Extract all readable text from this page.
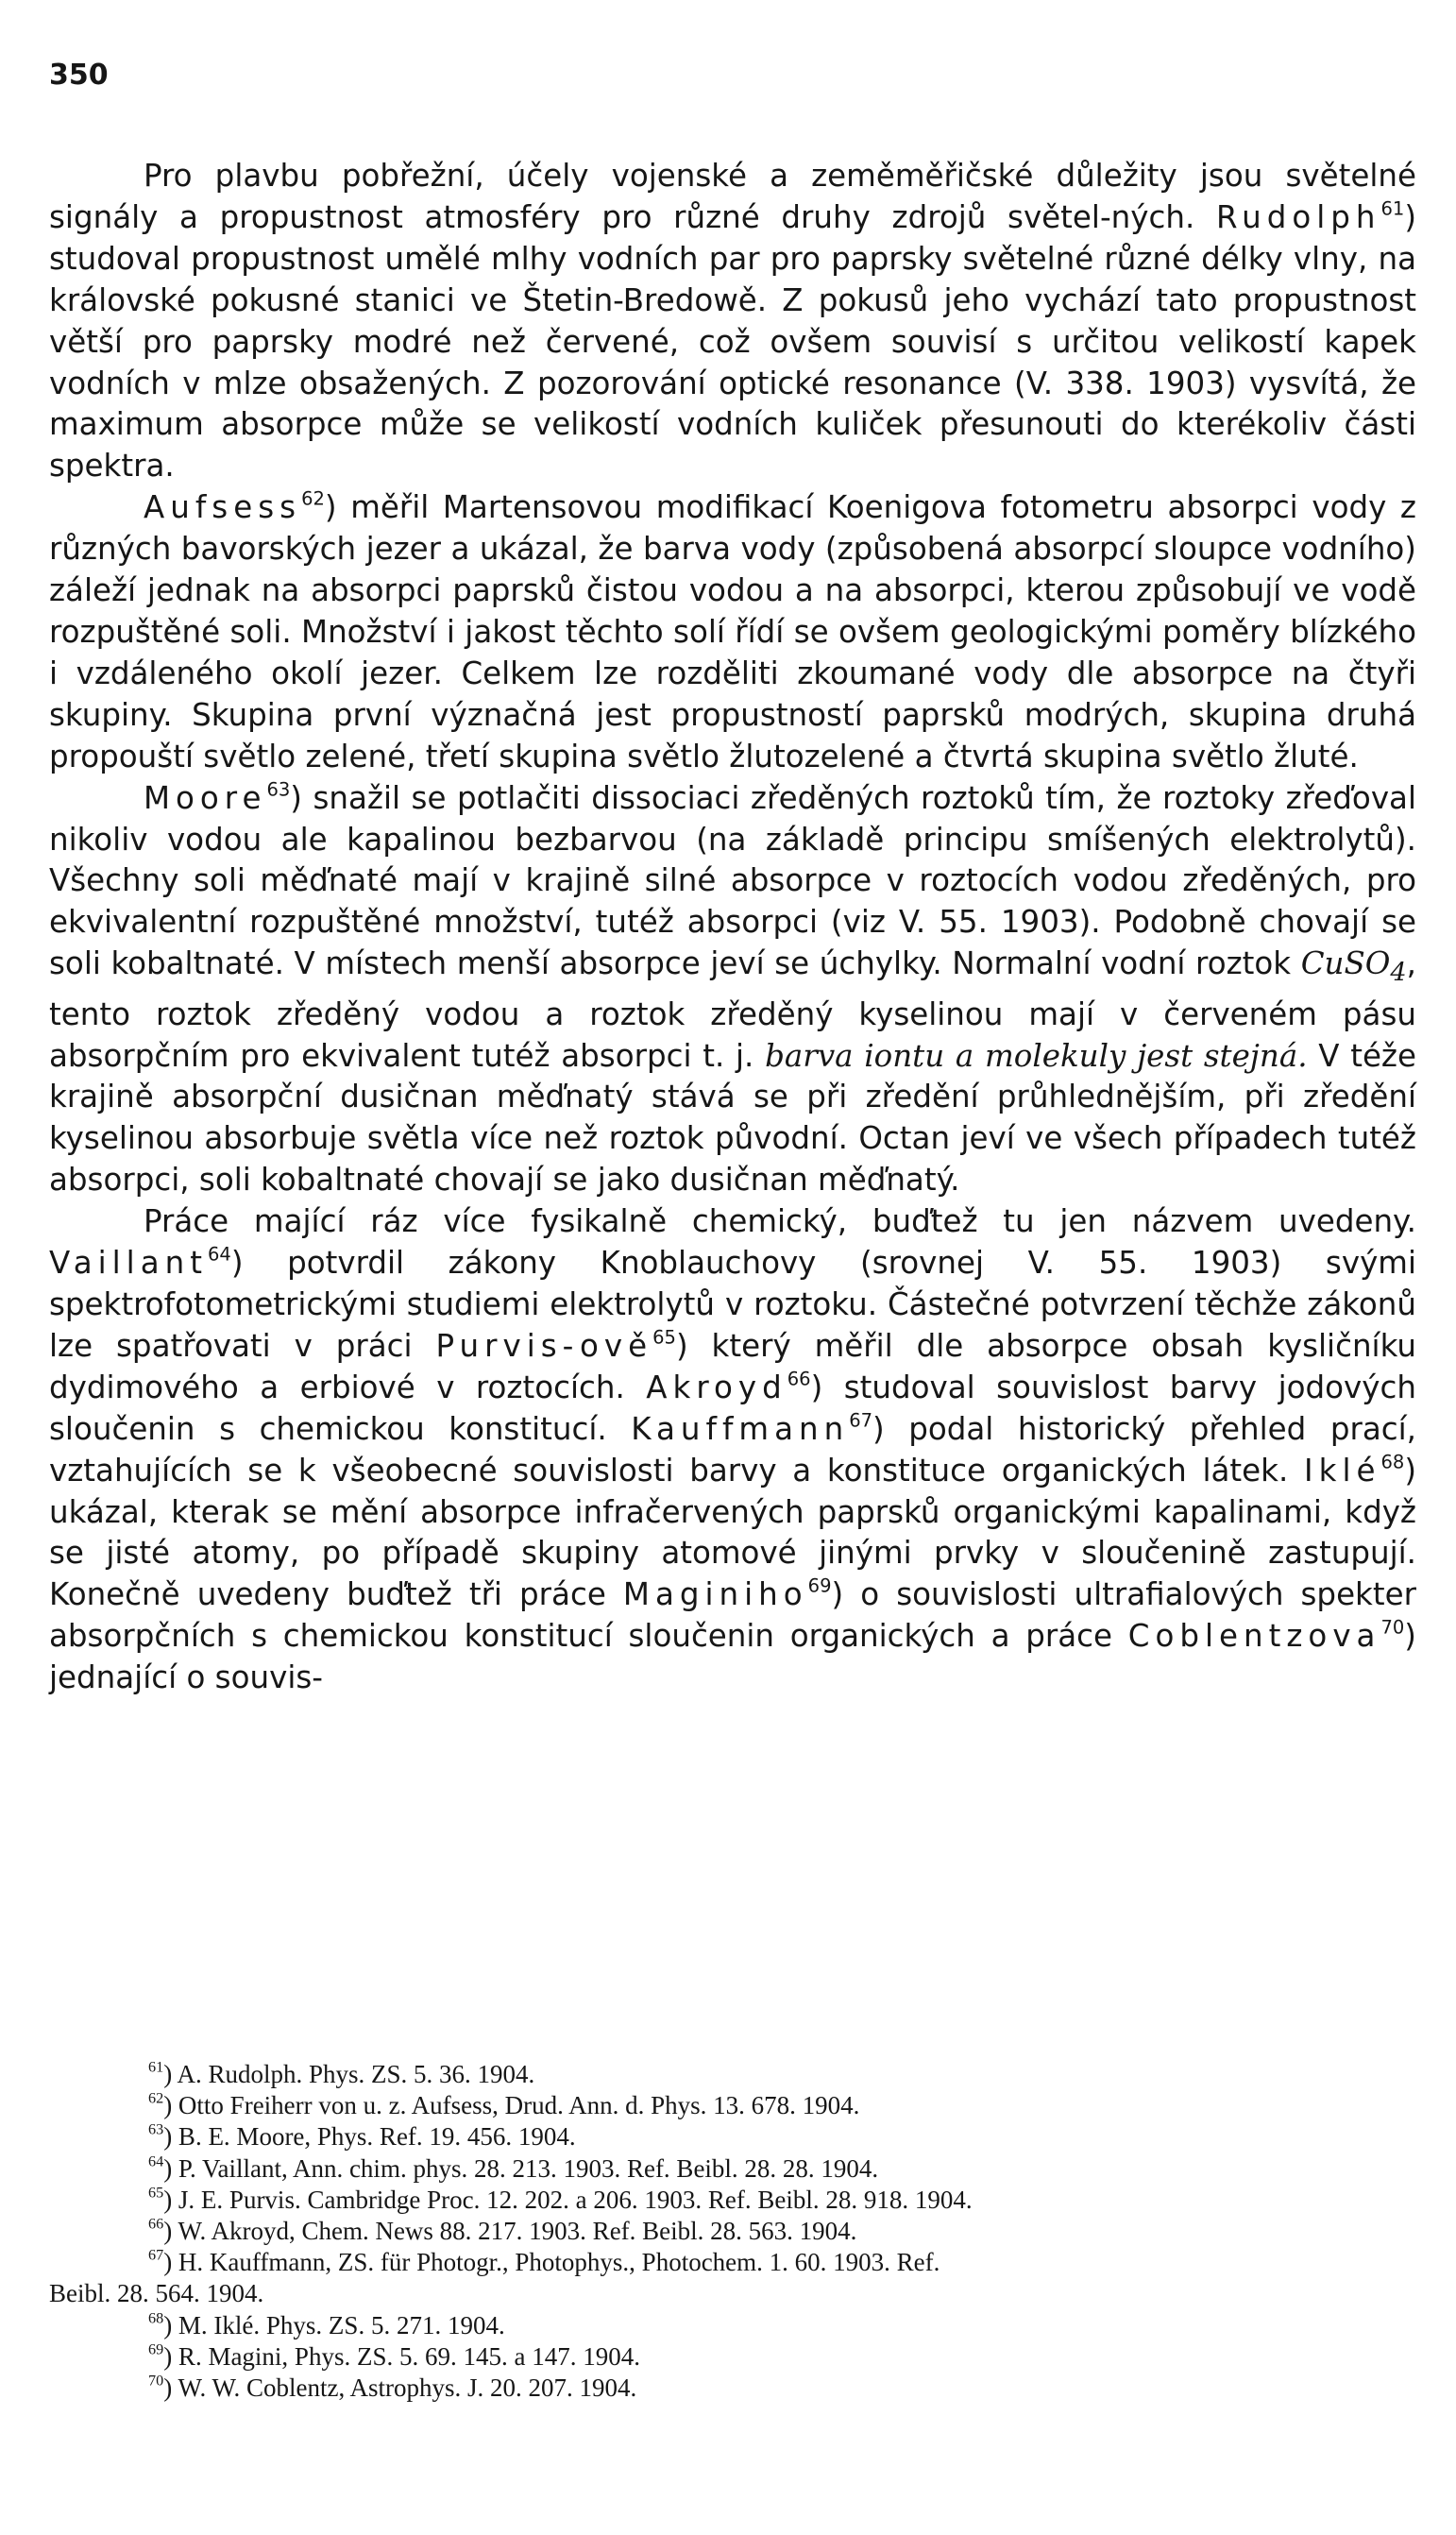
350

Pro plavbu pobřežní, účely vojenské a zeměměřičské důležity jsou světelné signály a propustnost atmosféry pro různé druhy zdrojů světel-ných. Rudolph$^{61}$) studoval propustnost umělé mlhy vodních par pro paprsky světelné různé délky vlny, na královské pokusné stanici ve Štetin-Bredowě. Z pokusů jeho vychází tato propustnost větší pro paprsky modré než červené, což ovšem souvisí s určitou velikostí kapek vodních v mlze obsažených. Z pozorování optické resonance (V. 338. 1903) vysvítá, že maximum absorpce může se velikostí vodních kuliček přesunouti do kterékoliv části spektra.

Aufsess$^{62}$) měřil Martensovou modifikací Koenigova fotometru absorpci vody z různých bavorských jezer a ukázal, že barva vody (způsobená absorpcí sloupce vodního) záleží jednak na absorpci paprsků čistou vodou a na absorpci, kterou způsobují ve vodě rozpuštěné soli. Množství i jakost těchto solí řídí se ovšem geologickými poměry blízkého i vzdáleného okolí jezer. Celkem lze rozděliti zkoumané vody dle absorpce na čtyři skupiny. Skupina první význačná jest propustností paprsků modrých, skupina druhá propouští světlo zelené, třetí skupina světlo žlutozelené a čtvrtá skupina světlo žluté.

Moore$^{63}$) snažil se potlačiti dissociaci zředěných roztoků tím, že roztoky zřeďoval nikoliv vodou ale kapalinou bezbarvou (na základě principu smíšených elektrolytů). Všechny soli měďnaté mají v krajině silné absorpce v roztocích vodou zředěných, pro ekvivalentní rozpuštěné množství, tutéž absorpci (viz V. 55. 1903). Podobně chovají se soli kobaltnaté. V místech menší absorpce jeví se úchylky. Normalní vodní roztok CuSO$_4$, tento roztok zředěný vodou a roztok zředěný kyselinou mají v červeném pásu absorpčním pro ekvivalent tutéž absorpci t. j. barva iontu a molekuly jest stejná. V téže krajině absorpční dusičnan měďnatý stává se při zředění průhlednějším, při zředění kyselinou absorbuje světla více než roztok původní. Octan jeví ve všech případech tutéž absorpci, soli kobaltnaté chovají se jako dusičnan měďnatý.

Práce mající ráz více fysikalně chemický, buďtež tu jen názvem uvedeny. Vaillant$^{64}$) potvrdil zákony Knoblauchovy (srovnej V. 55. 1903) svými spektrofotometrickými studiemi elektrolytů v roztoku. Částečné potvrzení těchže zákonů lze spatřovati v práci Purvis-ově$^{65}$) který měřil dle absorpce obsah kysličníku dydimového a erbiové v roztocích. Akroyd$^{66}$) studoval souvislost barvy jodových sloučenin s chemickou konstitucí. Kauffmann$^{67}$) podal historický přehled prací, vztahujících se k všeobecné souvislosti barvy a konstituce organických látek. Iklé$^{68}$) ukázal, kterak se mění absorpce infračervených paprsků organickými kapalinami, když se jisté atomy, po případě skupiny atomové jinými prvky v sloučenině zastupují. Konečně uvedeny buďtež tři práce Maginiho$^{69}$) o souvislosti ultrafialových spekter absorpčních s chemickou konstitucí sloučenin organických a práce Coblentzova$^{70}$) jednající o souvis-

$^{61}$) A. Rudolph. Phys. ZS. 5. 36. 1904.
$^{62}$) Otto Freiherr von u. z. Aufsess, Drud. Ann. d. Phys. 13. 678. 1904.
$^{63}$) B. E. Moore, Phys. Ref. 19. 456. 1904.
$^{64}$) P. Vaillant, Ann. chim. phys. 28. 213. 1903. Ref. Beibl. 28. 28. 1904.
$^{65}$) J. E. Purvis. Cambridge Proc. 12. 202. a 206. 1903. Ref. Beibl. 28. 918. 1904.
$^{66}$) W. Akroyd, Chem. News 88. 217. 1903. Ref. Beibl. 28. 563. 1904.
$^{67}$) H. Kauffmann, ZS. für Photogr., Photophys., Photochem. 1. 60. 1903. Ref.
Beibl. 28. 564. 1904.
$^{68}$) M. Iklé. Phys. ZS. 5. 271. 1904.
$^{69}$) R. Magini, Phys. ZS. 5. 69. 145. a 147. 1904.
$^{70}$) W. W. Coblentz, Astrophys. J. 20. 207. 1904.
